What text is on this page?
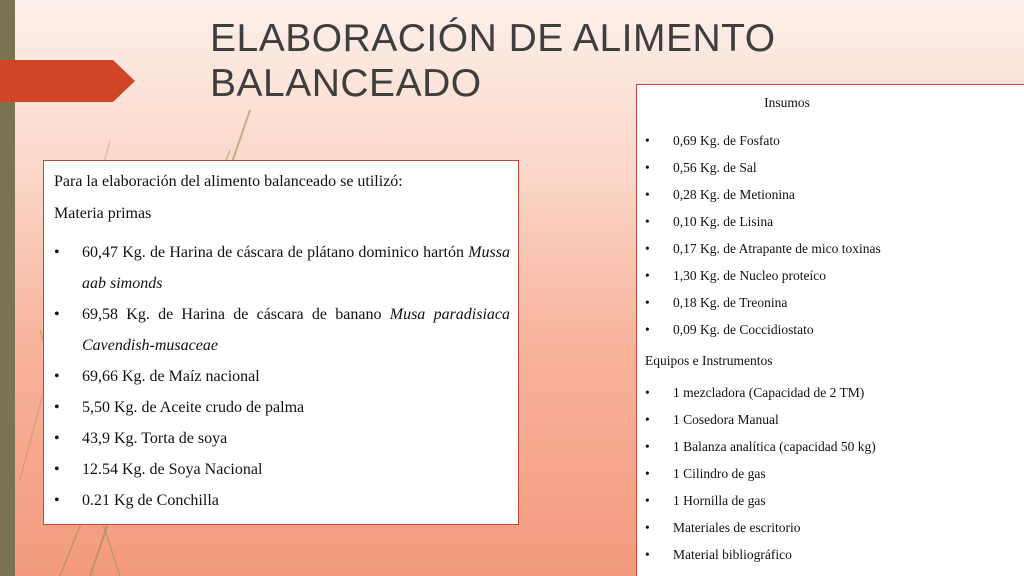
ELABORACIÓN DE ALIMENTO BALANCEADO

Para la elaboración del alimento balanceado se utilizó:

Materia primas

•	60,47 Kg. de Harina de cáscara de plátano dominico hartón Mussa aab simonds
•	69,58 Kg. de Harina de cáscara de banano Musa paradisiaca Cavendish-musaceae
•	69,66 Kg. de Maíz nacional
•	5,50 Kg. de Aceite crudo de palma
•	43,9 Kg. Torta de soya
•	12.54 Kg. de Soya Nacional
•	0.21 Kg de Conchilla
Insumos
•	0,69 Kg. de Fosfato
•	0,56 Kg. de Sal
•	0,28 Kg. de Metionina
•	0,10 Kg. de Lisina
•	0,17 Kg. de Atrapante de mico toxinas
•	1,30 Kg. de Nucleo proteíco
•	0,18 Kg. de Treonina
•	0,09 Kg. de Coccidiostato
Equipos e Instrumentos
•	1 mezcladora (Capacidad de 2 TM)
•	1 Cosedora Manual
•	1 Balanza analítica (capacidad 50 kg)
•	1 Cilindro de gas
•	1 Hornilla de gas
•	Materiales de escritorio
•	Material bibliográfico
